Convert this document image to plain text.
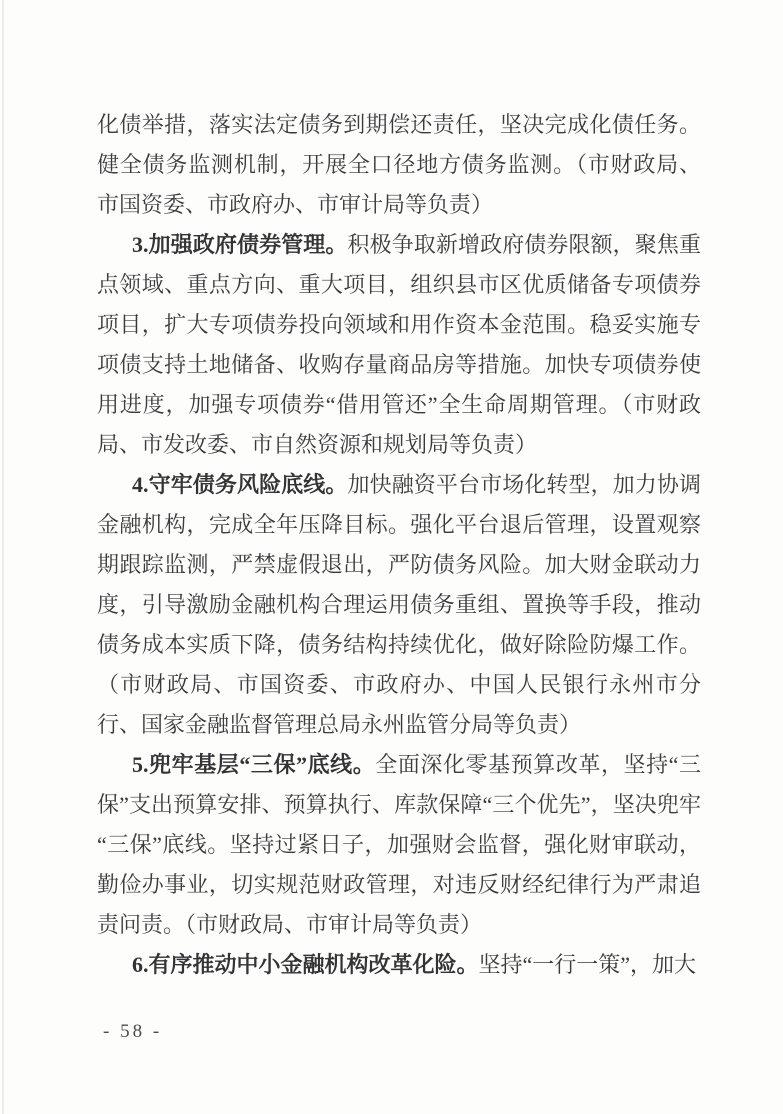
化债举措，落实法定债务到期偿还责任，坚决完成化债任务。健全债务监测机制，开展全口径地方债务监测。（市财政局、市国资委、市政府办、市审计局等负责）

3.加强政府债券管理。积极争取新增政府债券限额，聚焦重点领域、重点方向、重大项目，组织县市区优质储备专项债券项目，扩大专项债券投向领域和用作资本金范围。稳妥实施专项债支持土地储备、收购存量商品房等措施。加快专项债券使用进度，加强专项债券“借用管还”全生命周期管理。（市财政局、市发改委、市自然资源和规划局等负责）

4.守牢债务风险底线。加快融资平台市场化转型，加力协调金融机构，完成全年压降目标。强化平台退后管理，设置观察期跟踪监测，严禁虚假退出，严防债务风险。加大财金联动力度，引导激励金融机构合理运用债务重组、置换等手段，推动债务成本实质下降，债务结构持续优化，做好除险防爆工作。（市财政局、市国资委、市政府办、中国人民银行永州市分行、国家金融监督管理总局永州监管分局等负责）

5.兜牢基层“三保”底线。全面深化零基预算改革，坚持“三保”支出预算安排、预算执行、库款保障“三个优先”，坚决兜牢“三保”底线。坚持过紧日子，加强财会监督，强化财审联动，勤俭办事业，切实规范财政管理，对违反财经纪律行为严肃追责问责。（市财政局、市审计局等负责）

6.有序推动中小金融机构改革化险。坚持“一行一策”，加大

- 58 -
